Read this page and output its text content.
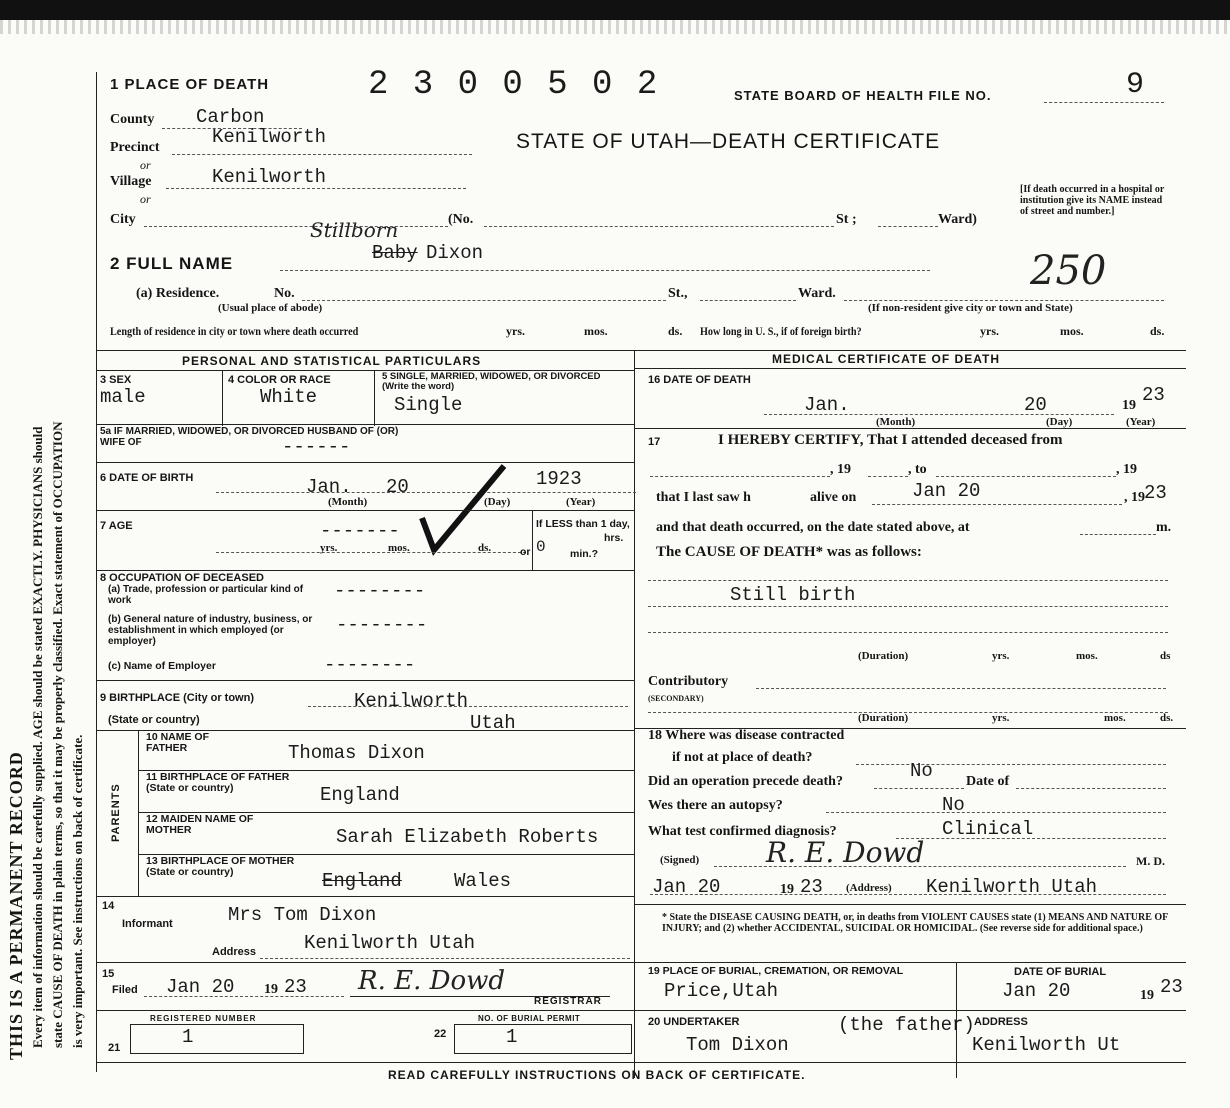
THIS IS A PERMANENT RECORD Every item of information should be carefully supplied. AGE should be stated EXACTLY. PHYSICIANS should state CAUSE OF DEATH in plain terms, so that it may be properly classified. Exact statement of OCCUPATION is very important. See instructions on back of certificate.
1 PLACE OF DEATH	2 3 0 0 5 0 2	STATE BOARD OF HEALTH FILE NO.	9
County Carbon
STATE OF UTAH—DEATH CERTIFICATE
Precinct	Kenilworth
or
Village	Kenilworth
or
City	(No.	St ;	Ward)
[If death occurred in a hospital or institution give its NAME instead of street and number.]
Stillborn
2 FULL NAME	Baby Dixon	250
(a) Residence.	No.
(Usual place of abode)
St.,	Ward.
(If non-resident give city or town and State)
Length of residence in city or town where death occurred	yrs.	mos.	ds. How long in U. S., if of foreign birth?	yrs.	mos.	ds.
PERSONAL AND STATISTICAL PARTICULARS
3 SEX
male
4 COLOR OR RACE
White
5 SINGLE, MARRIED, WIDOWED, OR DIVORCED (Write the word)
Single
5a IF MARRIED, WIDOWED, OR DIVORCED HUSBAND OF (OR) WIFE OF	------
6 DATE OF BIRTH	Jan. 20	1923
(Month)	(Day)	(Year)
7 AGE	-------
yrs.	mos.	ds.
If LESS than 1 day,
hrs.
or 0 min.?
8 OCCUPATION OF DECEASED
(a) Trade, profession or particular kind of work	--------
(b) General nature of industry, business, or establishment in which employed (or employer)
--------
(c) Name of Employer	--------
9 BIRTHPLACE (City or town)	Kenilworth
(State or country)	Utah
PARENTS
10 NAME OF FATHER	Thomas Dixon
11 BIRTHPLACE OF FATHER (State or country)	England
12 MAIDEN NAME OF MOTHER	Sarah Elizabeth Roberts
13 BIRTHPLACE OF MOTHER (State or country)	England	Wales
14
Informant	Mrs Tom Dixon
Address	Kenilworth Utah
15
Filed Jan 20 19 23 R. E. Dowd
REGISTRAR
REGISTERED NUMBER
21	1
NO. OF BURIAL PERMIT
22	1
MEDICAL CERTIFICATE OF DEATH
16 DATE OF DEATH
Jan.	20	19 23
(Month)	(Day)	(Year)
17	I HEREBY CERTIFY, That I attended deceased from
, 19	, to	, 19
that I last saw h	alive on	Jan 20	, 19 23
and that death occurred, on the date stated above, at	m.
The CAUSE OF DEATH* was as follows:
Still birth
(Duration)	yrs.	mos.	ds
Contributory
(SECONDARY)
(Duration)	yrs.	mos.	ds.
18 Where was disease contracted
if not at place of death?
Did an operation precede death?	No Date of
Wes there an autopsy?	No
What test confirmed diagnosis?	Clinical
(Signed) R. E. Dowd	M. D.
Jan 20	19 23 (Address) Kenilworth Utah
* State the DISEASE CAUSING DEATH, or, in deaths from VIOLENT CAUSES state (1) MEANS AND NATURE OF INJURY; and (2) whether ACCIDENTAL, SUICIDAL OR HOMICIDAL. (See reverse side for additional space.)
19 PLACE OF BURIAL, CREMATION, OR REMOVAL
Price,Utah
DATE OF BURIAL
Jan 20	19 23
20 UNDERTAKER
Tom Dixon
(the father) ADDRESS
Kenilworth Ut
READ CAREFULLY INSTRUCTIONS ON BACK OF CERTIFICATE.
